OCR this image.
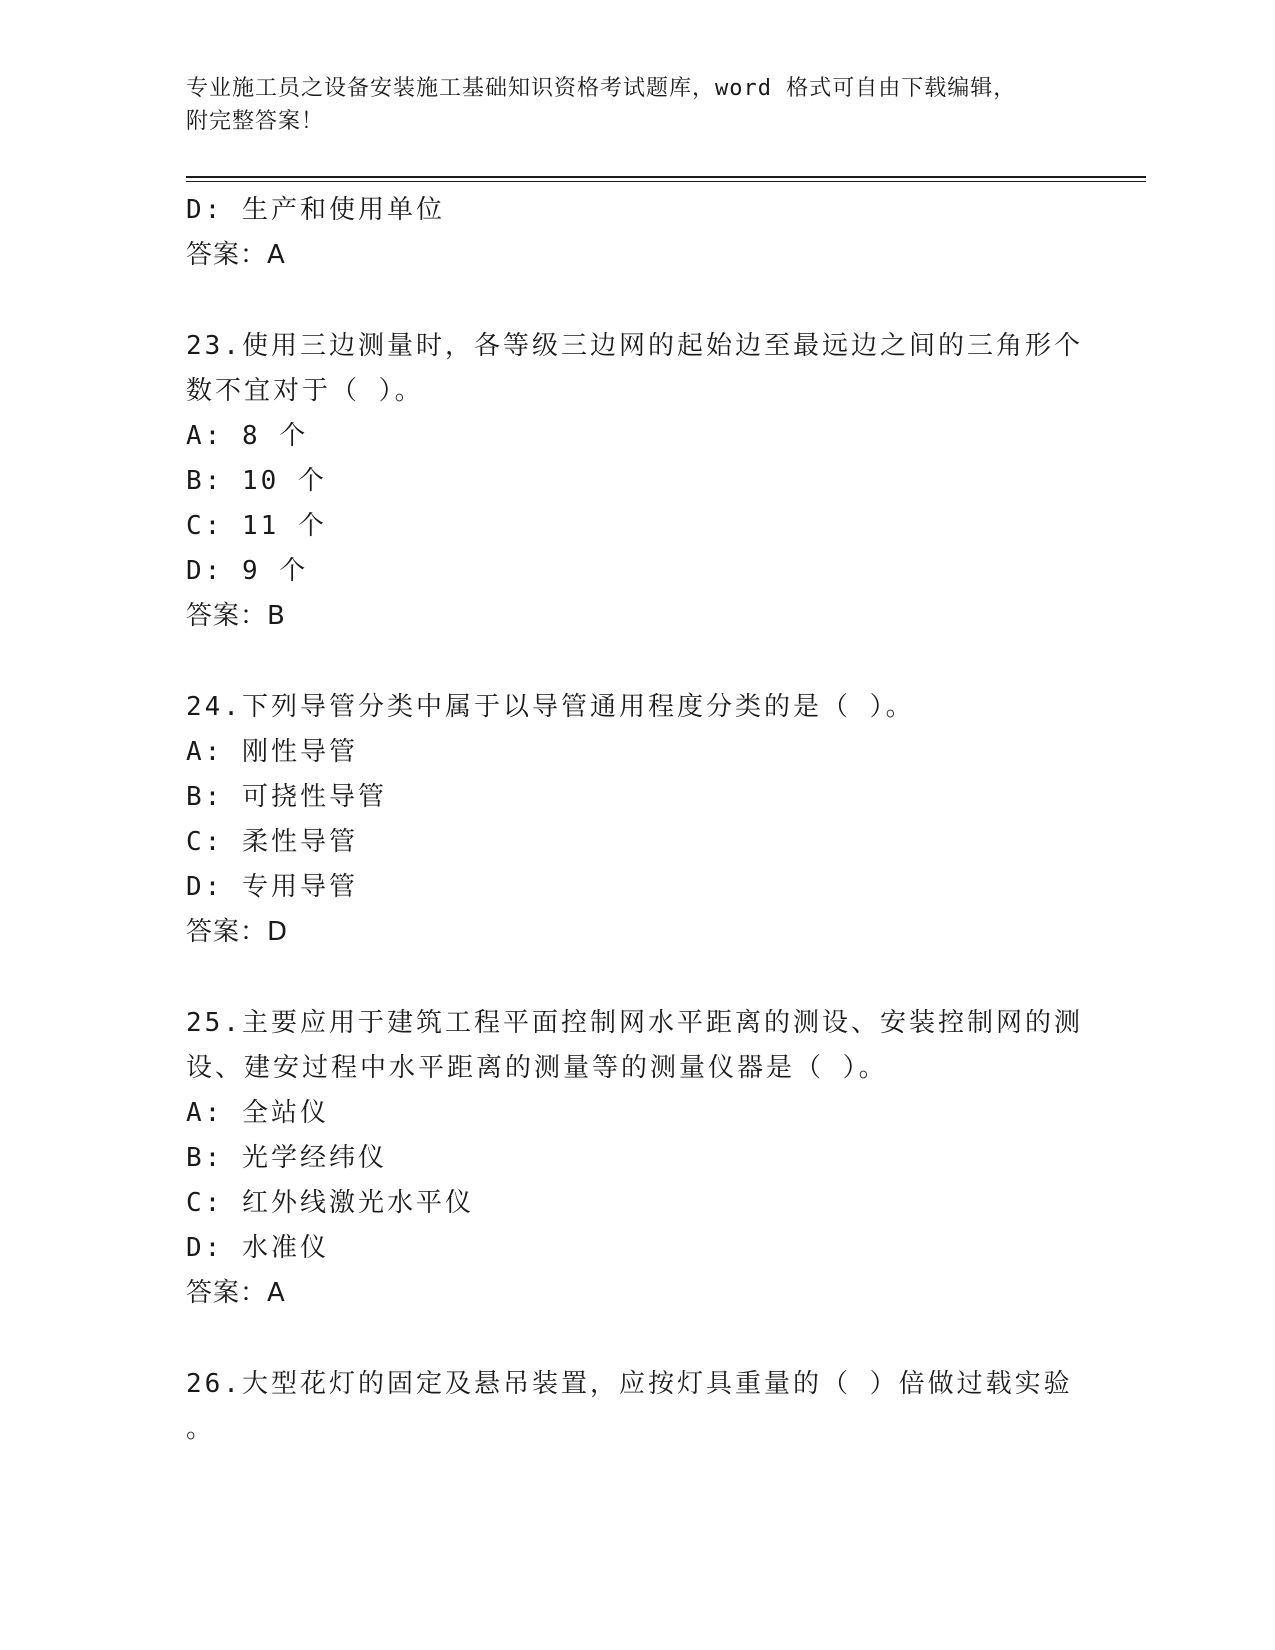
专业施工员之设备安装施工基础知识资格考试题库，word 格式可自由下载编辑，
附完整答案！
D: 生产和使用单位
答案：A
23.使用三边测量时，各等级三边网的起始边至最远边之间的三角形个
数不宜对于（ ）。
A: 8 个
B: 10 个
C: 11 个
D: 9 个
答案：B
24.下列导管分类中属于以导管通用程度分类的是（ ）。
A: 刚性导管
B: 可挠性导管
C: 柔性导管
D: 专用导管
答案：D
25.主要应用于建筑工程平面控制网水平距离的测设、安装控制网的测
设、建安过程中水平距离的测量等的测量仪器是（ ）。
A: 全站仪
B: 光学经纬仪
C: 红外线激光水平仪
D: 水准仪
答案：A
26.大型花灯的固定及悬吊装置，应按灯具重量的（ ）倍做过载实验
。
